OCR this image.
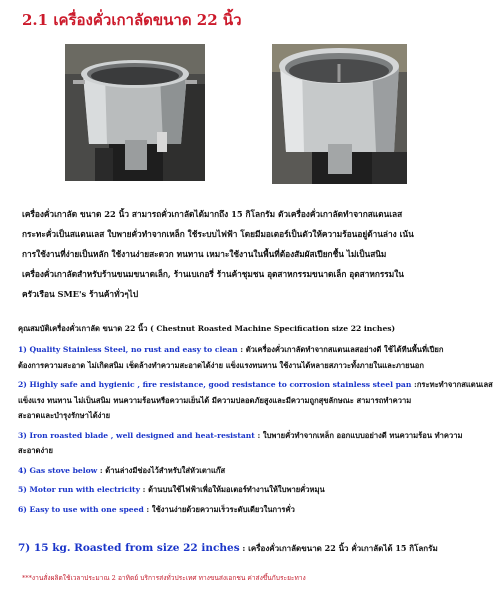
2.1 เครื่องคั่วเกาลัดขนาด 22 นิ้ว

เครื่องคั่วเกาลัด ขนาด 22 นิ้ว สามารถคั่วเกาลัดได้มากถึง 15 กิโลกรัม ตัวเครื่องคั่วเกาลัดทำจากสแตนเลส

กระทะคั่วเป็นสแตนเลส ใบพายคั่วทำจากเหล็ก ใช้ระบบไฟฟ้า โดยมีมอเตอร์เป็นตัวให้ความร้อนอยู่ด้านล่าง เน้น

การใช้งานที่ง่ายเป็นหลัก ใช้งานง่ายสะดวก ทนทาน เหมาะใช้งานในพื้นที่ต้องสัมผัสเปียกชื้น ไม่เป็นสนิม

เครื่องคั่วเกาลัดสำหรับร้านขนมขนาดเล็ก, ร้านเบเกอรี่ ร้านค้าชุมชน อุตสาหกรรมขนาดเล็ก อุตสาหกรรมใน

ครัวเรือน SME's ร้านค้าทั่วๆไป

คุณสมบัติเครื่องคั่วเกาลัด ขนาด 22 นิ้ว ( Chestnut Roasted Machine Specification size 22 inches)

1) Quality Stainless Steel, no rust and easy to clean : ตัวเครื่องคั่วเกาลัดทำจากสแตนเลสอย่างดี ใช้ได้ทีนพื้นที่เปียก

ต้องการความสะอาด ไม่เกิดสนิม เช็ดล้างทำความสะอาดได้ง่าย แข็งแรงทนทาน ใช้งานได้หลายสภาวะทั้งภายในและภายนอก

2) Highly safe and hygienic , fire resistance, good resistance to corrosion stainless steel pan :กระทะทำจากสแตนเลส

แข็งแรง ทนทาน ไม่เป็นสนิม ทนความร้อนหรือความเย็นได้ มีความปลอดภัยสูงและมีความถูกสุขลักษณะ สามารถทำความ

สะอาดและบำรุงรักษาได้ง่าย

3) Iron roasted blade , well designed and heat-resistant : ใบพายคั่วทำจากเหล็ก ออกแบบอย่างดี ทนความร้อน ทำความ

สะอาดง่าย

4) Gas stove below : ด้านล่างมีช่องไว้สำหรับใส่หัวเตาแก๊ส

5) Motor run with electricity : ด้านบนใช้ไฟฟ้าเพื่อให้มอเตอร์ทำงานให้ใบพายคั่วหมุน

6) Easy to use with one speed : ใช้งานง่ายด้วยความเร็วระดับเดียวในการคั่ว

7) 15 kg. Roasted from size 22 inches : เครื่องคั่วเกาลัดขนาด 22 นิ้ว คั่วเกาลัดได้ 15 กิโลกรัม
***งานสั่งผลิตใช้เวลาประมาณ 2 อาทิตย์ บริการส่งทั่วประเทศ ทางขนส่งเอกชน ค่าส่งขึ้นกับระยะทาง
